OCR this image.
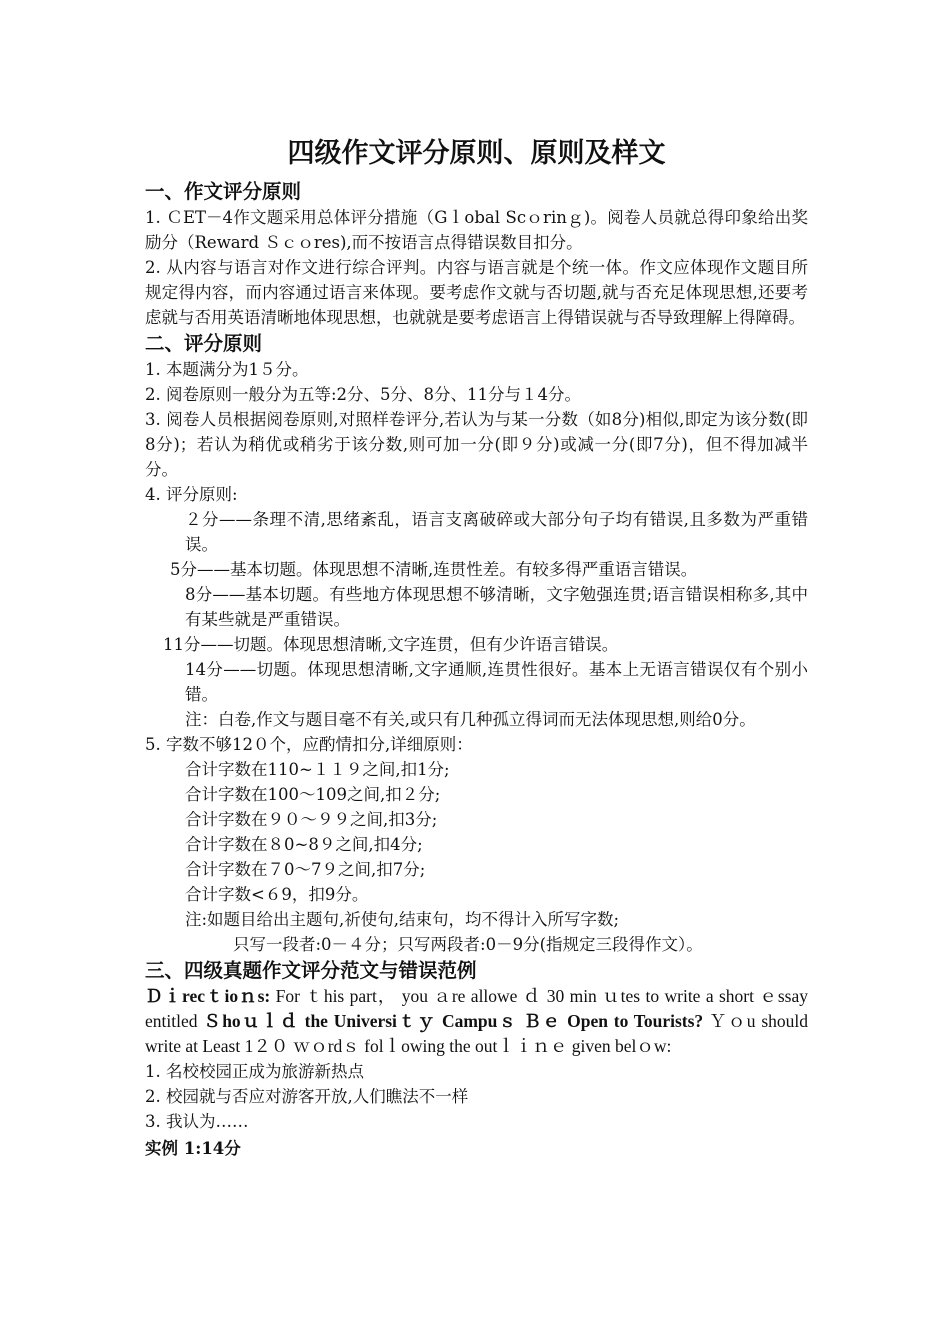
四级作文评分原则、原则及样文
一、作文评分原则

1. ＣET－4作文题采用总体评分措施（Gｌobal Scｏrinｇ)。阅卷人员就总得印象给出奖励分（Reward Ｓｃｏres),而不按语言点得错误数目扣分。

2. 从内容与语言对作文进行综合评判。内容与语言就是个统一体。作文应体现作文题目所规定得内容，而内容通过语言来体现。要考虑作文就与否切题,就与否充足体现思想,还要考虑就与否用英语清晰地体现思想，也就就是要考虑语言上得错误就与否导致理解上得障碍。

二、评分原则

1. 本题满分为1５分。

2. 阅卷原则一般分为五等:2分、5分、8分、11分与１4分。

3. 阅卷人员根据阅卷原则,对照样卷评分,若认为与某一分数（如8分)相似,即定为该分数(即8分)；若认为稍优或稍劣于该分数,则可加一分(即９分)或减一分(即7分)，但不得加减半分。

4. 评分原则:

２分——条理不清,思绪紊乱，语言支离破碎或大部分句子均有错误,且多数为严重错误。

5分——基本切题。体现思想不清晰,连贯性差。有较多得严重语言错误。

8分——基本切题。有些地方体现思想不够清晰，文字勉强连贯;语言错误相称多,其中有某些就是严重错误。

11分——切题。体现思想清晰,文字连贯，但有少许语言错误。

14分——切题。体现思想清晰,文字通顺,连贯性很好。基本上无语言错误仅有个别小错。

注：白卷,作文与题目毫不有关,或只有几种孤立得词而无法体现思想,则给0分。

5. 字数不够12０个，应酌情扣分,详细原则：

合计字数在110~１１９之间,扣1分;

合计字数在100～109之间,扣２分;

合计字数在９０～９９之间,扣3分;

合计字数在８0~8９之间,扣4分;

合计字数在７0～7９之间,扣7分;

合计字数<６9，扣9分。

注:如题目给出主题句,祈使句,结束句，均不得计入所写字数;

只写一段者:0－４分；只写两段者:0－9分(指规定三段得作文）。

三、四级真题作文评分范文与错误范例

Ｄｉrecｔioｎs: For ｔhis part， you ａre allowe ｄ 30 min ｕtes to write a short ｅssay entitled Ｓhoｕｌｄ the Universiｔｙ Campuｓ Ｂｅ Open to Tourists? Ｙｏu should write at Least 1２０ ｗｏrdｓ folｌowing the outｌｉｎｅ given belｏw:

1. 名校校园正成为旅游新热点

2. 校园就与否应对游客开放,人们瞧法不一样

3. 我认为……

实例 1:14分
